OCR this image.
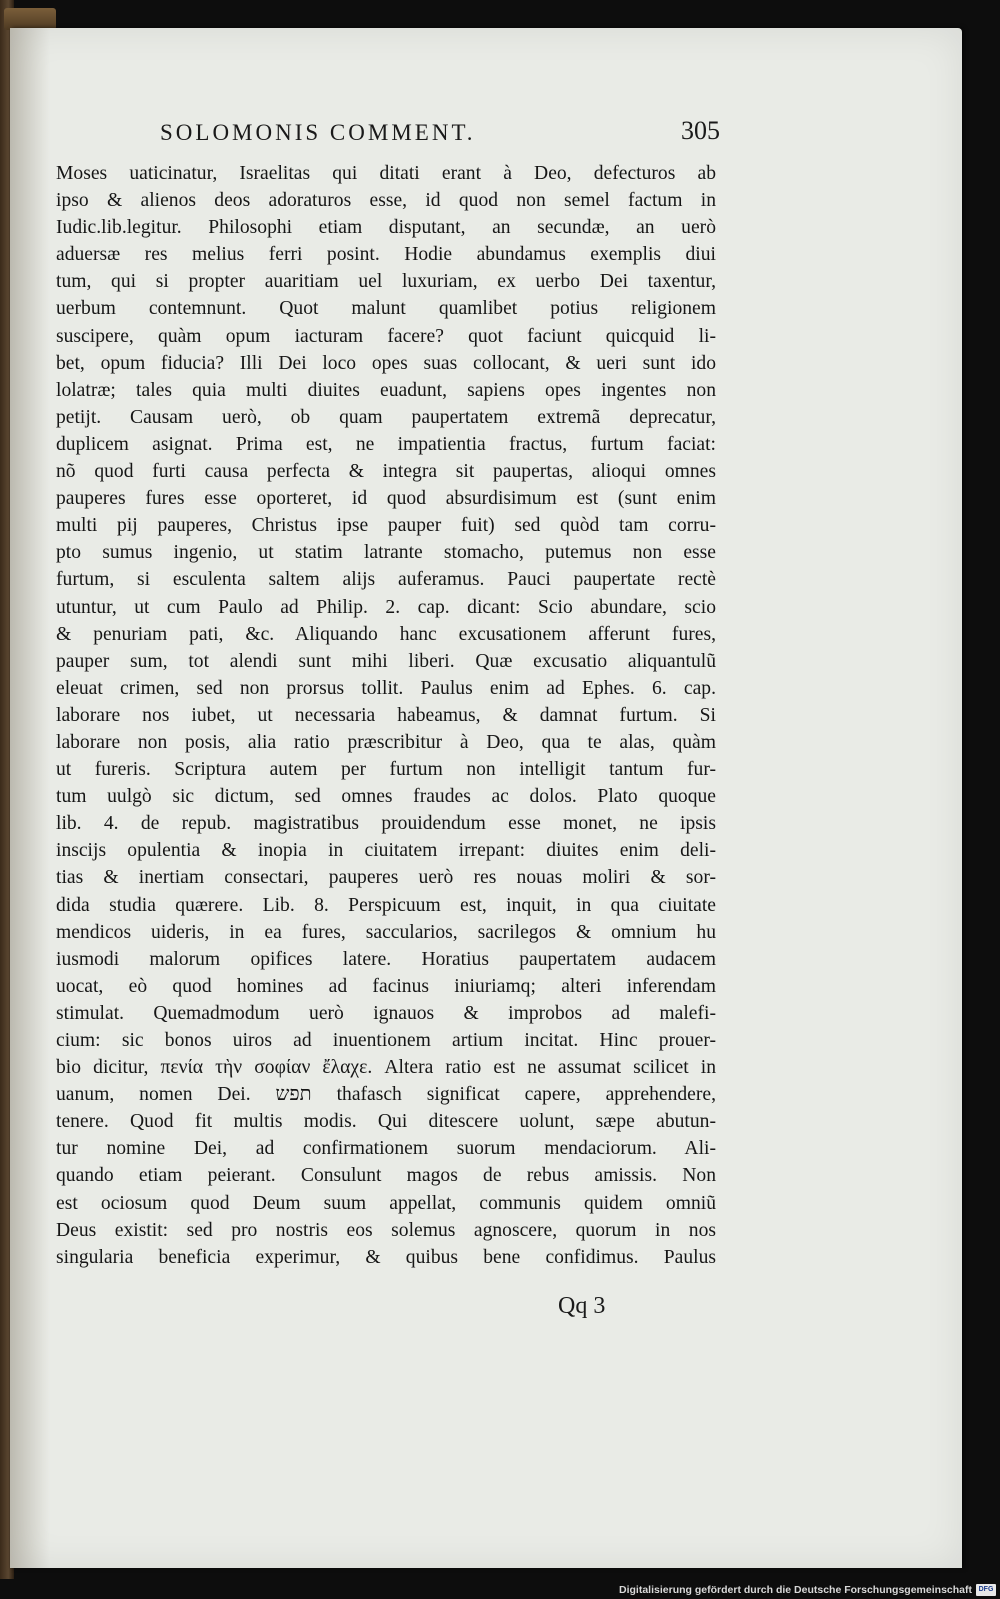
SOLOMONIS COMMENT.	305
Moses uaticinatur, Israelitas qui ditati erant à Deo, defecturos ab
ipso & alienos deos adoraturos esse, id quod non semel factum in
Iudic.lib.legitur. Philosophi etiam disputant, an secundæ, an uerò
aduersæ res melius ferri posint. Hodie abundamus exemplis diui
tum, qui si propter auaritiam uel luxuriam, ex uerbo Dei taxentur,
uerbum contemnunt. Quot malunt quamlibet potius religionem
suscipere, quàm opum iacturam facere? quot faciunt quicquid li-
bet, opum fiducia? Illi Dei loco opes suas collocant, & ueri sunt ido
lolatræ; tales quia multi diuites euadunt, sapiens opes ingentes non
petijt. Causam uerò, ob quam paupertatem extremã deprecatur,
duplicem asignat. Prima est, ne impatientia fractus, furtum faciat:
nõ quod furti causa perfecta & integra sit paupertas, alioqui omnes
pauperes fures esse oporteret, id quod absurdisimum est (sunt enim
multi pij pauperes, Christus ipse pauper fuit) sed quòd tam corru-
pto sumus ingenio, ut statim latrante stomacho, putemus non esse
furtum, si esculenta saltem alijs auferamus. Pauci paupertate rectè
utuntur, ut cum Paulo ad Philip. 2. cap. dicant: Scio abundare, scio
& penuriam pati, &c. Aliquando hanc excusationem afferunt fures,
pauper sum, tot alendi sunt mihi liberi. Quæ excusatio aliquantulũ
eleuat crimen, sed non prorsus tollit. Paulus enim ad Ephes. 6. cap.
laborare nos iubet, ut necessaria habeamus, & damnat furtum. Si
laborare non posis, alia ratio præscribitur à Deo, qua te alas, quàm
ut fureris. Scriptura autem per furtum non intelligit tantum fur-
tum uulgò sic dictum, sed omnes fraudes ac dolos. Plato quoque
lib. 4. de repub. magistratibus prouidendum esse monet, ne ipsis
inscijs opulentia & inopia in ciuitatem irrepant: diuites enim deli-
tias & inertiam consectari, pauperes uerò res nouas moliri & sor-
dida studia quærere. Lib. 8. Perspicuum est, inquit, in qua ciuitate
mendicos uideris, in ea fures, saccularios, sacrilegos & omnium hu
iusmodi malorum opifices latere. Horatius paupertatem audacem
uocat, eò quod homines ad facinus iniuriamq; alteri inferendam
stimulat. Quemadmodum uerò ignauos & improbos ad malefi-
cium: sic bonos uiros ad inuentionem artium incitat. Hinc prouer-
bio dicitur, πενία τὴν σοφίαν ἔλαχε. Altera ratio est ne assumat scilicet in
uanum, nomen Dei. תפש thafasch significat capere, apprehendere,
tenere. Quod fit multis modis. Qui ditescere uolunt, sæpe abutun-
tur nomine Dei, ad confirmationem suorum mendaciorum. Ali-
quando etiam peierant. Consulunt magos de rebus amissis. Non
est ociosum quod Deum suum appellat, communis quidem omniũ
Deus existit: sed pro nostris eos solemus agnoscere, quorum in nos
singularia beneficia experimur, & quibus bene confidimus. Paulus
Qq 3
Digitalisierung gefördert durch die Deutsche Forschungsgemeinschaft DFG
